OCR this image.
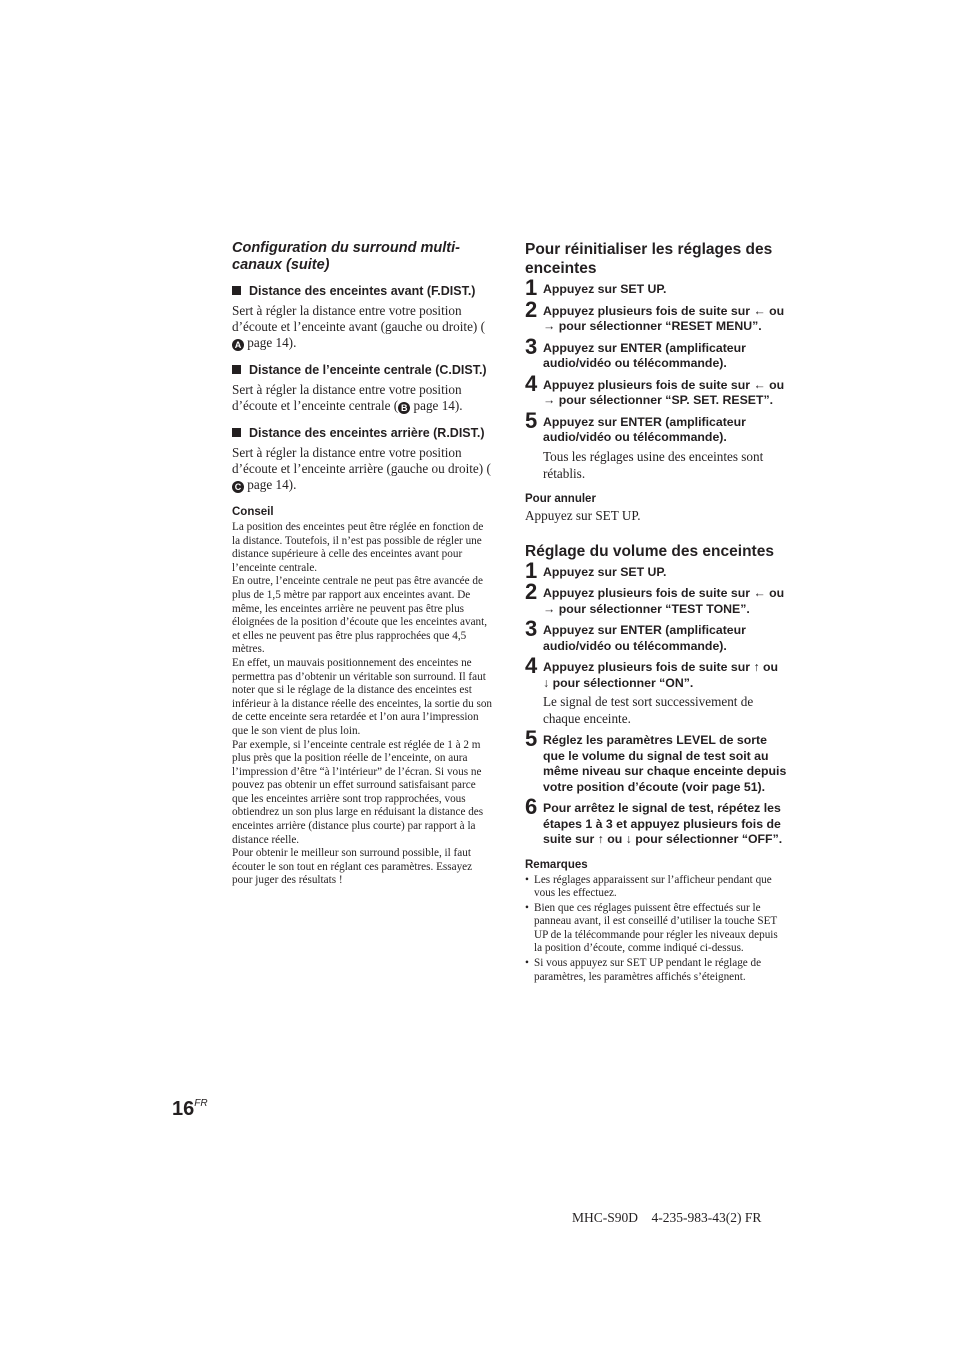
Configuration du surround multi-canaux (suite)
Distance des enceintes avant (F.DIST.)

Sert à régler la distance entre votre position d’écoute et l’enceinte avant (gauche ou droite) (A page 14).

Distance de l’enceinte centrale (C.DIST.)

Sert à régler la distance entre votre position d’écoute et l’enceinte centrale ( B page 14).

Distance des enceintes arrière (R.DIST.)

Sert à régler la distance entre votre position d’écoute et l’enceinte arrière (gauche ou droite) (C page 14).

Conseil

La position des enceintes peut être réglée en fonction de la distance. Toutefois, il n’est pas possible de régler une distance supérieure à celle des enceintes avant pour l’enceinte centrale.

En outre, l’enceinte centrale ne peut pas être avancée de plus de 1,5 mètre par rapport aux enceintes avant. De même, les enceintes arrière ne peuvent pas être plus éloignées de la position d’écoute que les enceintes avant, et elles ne peuvent pas être plus rapprochées que 4,5 mètres.

En effet, un mauvais positionnement des enceintes ne permettra pas d’obtenir un véritable son surround. Il faut noter que si le réglage de la distance des enceintes est inférieur à la distance réelle des enceintes, la sortie du son de cette enceinte sera retardée et l’on aura l’impression que le son vient de plus loin.

Par exemple, si l’enceinte centrale est réglée de 1 à 2 m plus près que la position réelle de l’enceinte, on aura l’impression d’être “à l’intérieur” de l’écran. Si vous ne pouvez pas obtenir un effet surround satisfaisant parce que les enceintes arrière sont trop rapprochées, vous obtiendrez un son plus large en réduisant la distance des enceintes arrière (distance plus courte) par rapport à la distance réelle.

Pour obtenir le meilleur son surround possible, il faut écouter le son tout en réglant ces paramètres. Essayez pour juger des résultats !

Pour réinitialiser les réglages des enceintes
1 Appuyez sur SET UP.
2 Appuyez plusieurs fois de suite sur ← ou → pour sélectionner “RESET MENU”.
3 Appuyez sur ENTER (amplificateur audio/vidéo ou télécommande).
4 Appuyez plusieurs fois de suite sur ← ou → pour sélectionner “SP. SET. RESET”.
5 Appuyez sur ENTER (amplificateur audio/vidéo ou télécommande).
Tous les réglages usine des enceintes sont rétablis.
Pour annuler

Appuyez sur SET UP.

Réglage du volume des enceintes
1 Appuyez sur SET UP.
2 Appuyez plusieurs fois de suite sur ← ou → pour sélectionner “TEST TONE”.
3 Appuyez sur ENTER (amplificateur audio/vidéo ou télécommande).
4 Appuyez plusieurs fois de suite sur ↑ ou ↓ pour sélectionner “ON”.
Le signal de test sort successivement de chaque enceinte.
5 Réglez les paramètres LEVEL de sorte que le volume du signal de test soit au même niveau sur chaque enceinte depuis votre position d’écoute (voir page 51).
6 Pour arrêtez le signal de test, répétez les étapes 1 à 3 et appuyez plusieurs fois de suite sur ↑ ou ↓ pour sélectionner “OFF”.
Remarques
• Les réglages apparaissent sur l’afficheur pendant que vous les effectuez.
• Bien que ces réglages puissent être effectués sur le panneau avant, il est conseillé d’utiliser la touche SET UP de la télécommande pour régler les niveaux depuis la position d’écoute, comme indiqué ci-dessus.
• Si vous appuyez sur SET UP pendant le réglage de paramètres, les paramètres affichés s’éteignent.
$16^{FR}$
MHC-S90D    4-235-983-43(2) FR
